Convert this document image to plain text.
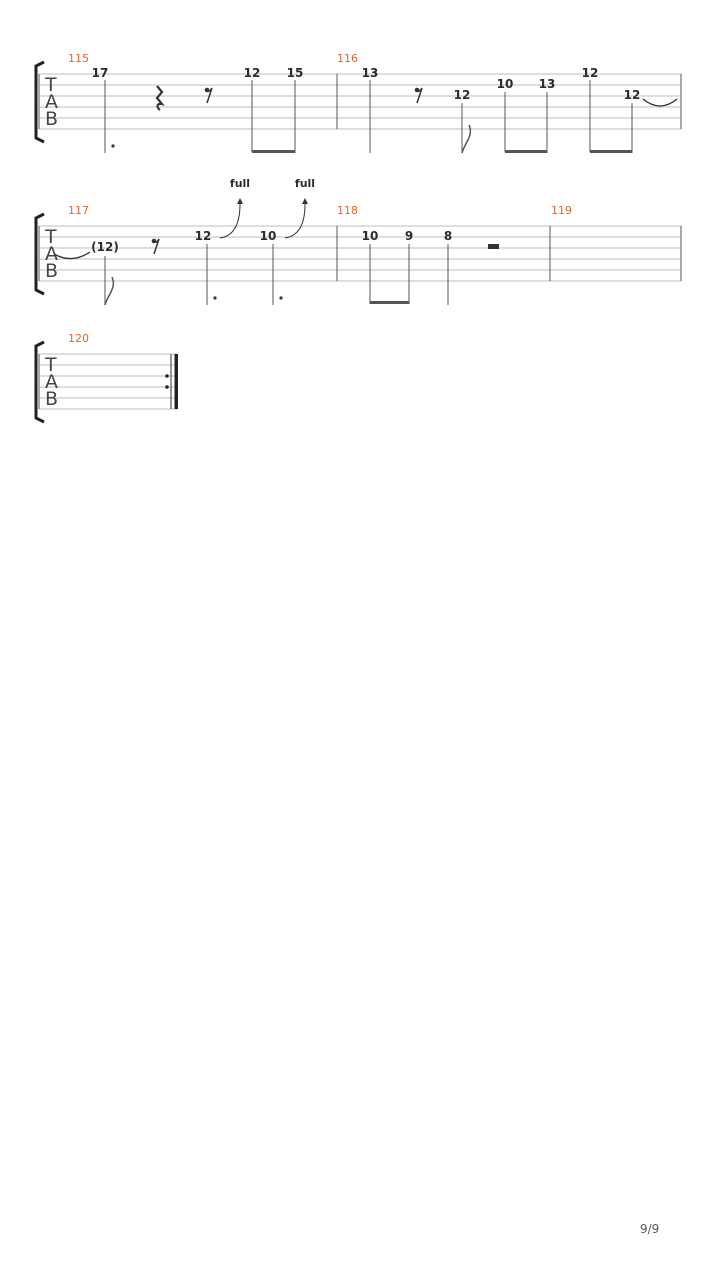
T
A
B
115	116
17	12 15	13
12
10 13
12
12
T
A
B
117	118	119
full	full
(12)
12	10	10 9	8
T
A
B
120
9/9
